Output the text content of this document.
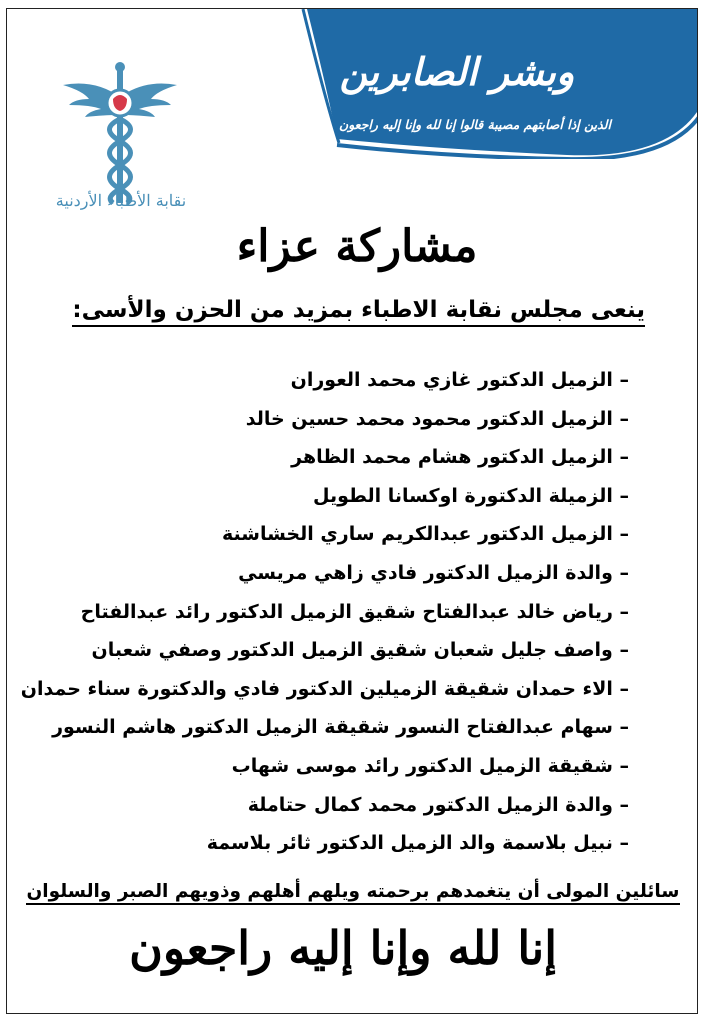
وبشر الصابرين
الذين إذا أصابتهم مصيبة قالوا إنا لله وإنا إليه راجعون
نقابة الأطباء الأردنية
مشاركة عزاء
ينعى مجلس نقابة الاطباء بمزيد من الحزن والأسى:
– الزميل الدكتور غازي محمد العوران
– الزميل الدكتور محمود محمد حسين خالد
– الزميل الدكتور هشام محمد الظاهر
– الزميلة الدكتورة اوكسانا الطويل
– الزميل الدكتور عبدالكريم ساري الخشاشنة
– والدة الزميل الدكتور فادي زاهي مريسي
– رياض خالد عبدالفتاح شقيق الزميل الدكتور رائد عبدالفتاح
– واصف جليل شعبان شقيق الزميل الدكتور وصفي شعبان
– الاء حمدان شقيقة الزميلين الدكتور فادي والدكتورة سناء حمدان
– سهام عبدالفتاح النسور شقيقة الزميل الدكتور هاشم النسور
– شقيقة الزميل الدكتور رائد موسى شهاب
– والدة الزميل الدكتور محمد كمال حتاملة
– نبيل بلاسمة والد الزميل الدكتور ثائر بلاسمة
سائلين المولى أن يتغمدهم برحمته ويلهم أهلهم وذويهم الصبر والسلوان
إنا لله وإنا إليه راجعون
